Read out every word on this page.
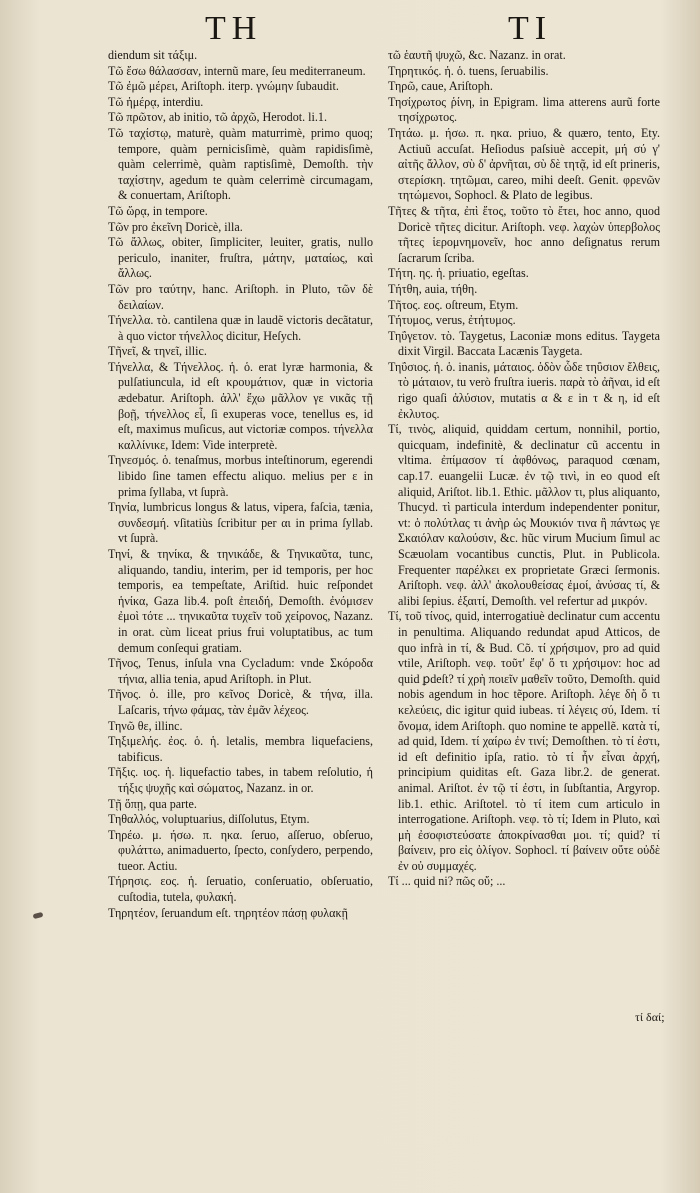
TH	TI

diendum sit τάξιμ.

Τῶ ἔσω θάλασσαν, internũ mare, ſeu mediterraneum.

Τῶ ἐμῶ μέρει, Ariſtoph. iterp. γνώμην ſubaudit.

Τῶ ἡμέρᾳ, interdiu.

Τῶ πρῶτον, ab initio, τῶ ἀρχῶ, Herodot. li.1.

Τῶ ταχίστῳ, maturè, quàm maturrimè, primo quoq; tempore, quàm pernicisſimè, quàm rapidisſimè, quàm celerrimè, quàm raptisſimè, Demoſth. τὴν ταχίστην, agedum te quàm celerrimè circumagam, & conuertam, Ariſtoph.

Τῶ ὥρᾳ, in tempore.

Τῶν pro ἐκεῖνη Doricè, illa.

Τῶ ἄλλως, obiter, ſimpliciter, leuiter, gratis, nullo periculo, inaniter, fruſtra, μάτην, ματαίως, καὶ ἄλλως.

Τῶν pro ταύτην, hanc. Ariſtoph. in Pluto, τῶν δὲ δειλαίων.

Τήνελλα. τὸ. cantilena quæ in laudẽ victoris decãtatur, à quo victor τήνελλος dicitur, Heſych.

Τῆνεῖ, & τηνεῖ, illic.

Τήνελλα, & Τήνελλος. ἡ. ὁ. erat lyræ harmonia, & pulſatiuncula, id eſt κρουμάτιον, quæ in victoria ædebatur. Ariſtoph. ἀλλ' ἔχω μᾶλλον γε νικᾶς τῇ βοῇ, τήνελλος εἶ, ſi exuperas voce, tenellus es, id eſt, maximus muſicus, aut victoriæ compos. τήνελλα καλλίνικε, Idem: Vide interpretè.

Τηνεσμός. ὁ. tenaſmus, morbus inteſtinorum, egerendi libido ſine tamen effectu aliquo. melius per ε in prima ſyllaba, vt ſuprà.

Τηνία, lumbricus longus & latus, vipera, faſcia, tænia, συνδεσμή. vſitatiùs ſcribitur per αι in prima ſyllab. vt ſuprà.

Τηνί, & τηνίκα, & τηνικάδε, & Τηνικαῦτα, tunc, aliquando, tandiu, interim, per id temporis, per hoc temporis, ea tempeſtate, Ariſtid. huic reſpondet ἡνίκα, Gaza lib.4. poſt ἐπειδή, Demoſth. ἐνόμισεν ἐμοὶ τότε ... τηνικαῦτα τυχεῖν τοῦ χείρονος, Nazanz. in orat. cùm liceat prius frui voluptatibus, ac tum demum conſequi gratiam.

Τῆνος, Tenus, inſula vna Cycladum: vnde Σκόροδα τήνια, allia tenia, apud Ariſtoph. in Plut.

Τῆνος. ὁ. ille, pro κεῖνος Doricè, & τήνα, illa. Laſcaris, τήνω φάμας, τὰν ἐμᾶν λέχεος.

Τηνῶ θε, illinc.

Τηξιμελής. ἐος. ὁ. ἡ. letalis, membra liquefaciens, tabificus.

Τῆξις. ιος. ἡ. liquefactio tabes, in tabem reſolutio, ἡ τήξις ψυχῆς καὶ σώματος, Nazanz. in or.

Τῇ ὅπῃ, qua parte.

Τηθαλλός, voluptuarius, diſſolutus, Etym.

Τηρέω. μ. ήσω. π. ηκα. ſeruo, aſſeruo, obſeruo, φυλάττω, animaduerto, ſpecto, conſydero, perpendo, tueor. Actiu.

Τήρησις. εος. ἡ. ſeruatio, conſeruatio, obſeruatio, cuſtodia, tutela, φυλακή.

Τηρητέον, ſeruandum eſt. τηρητέον πάσῃ φυλακῇ

τῶ ἑαυτῆ ψυχῶ, &c. Nazanz. in orat.

Τηρητικός. ἡ. ὁ. tuens, ſeruabilis.

Τηρῶ, caue, Ariſtoph.

Τησίχρωτος ῥίνη, in Epigram. lima atterens aurũ forte τησίχρωτος.

Τητάω. μ. ήσω. π. ηκα. priuo, & quæro, tento, Ety. Actiuũ accuſat. Heſiodus paſsiuè accepit, μή σύ γ' αἰτῆς ἄλλον, σὺ δ' ἀρνῆται, σὺ δὲ τητᾷ, id eſt prineris, στερίσκη. τητῶμαι, careo, mihi deeſt. Genit. φρενῶν τητώμενοι, Sophocl. & Plato de legibus.

Τῆτες & τῆτα, ἐπὶ ἔτος, τοῦτο τὸ ἔτει, hoc anno, quod Doricè τῆτες dicitur. Ariſtoph. νεφ. λαχὼν ὑπερβολος τῆτες ἱερομνημονεῖν, hoc anno deſignatus rerum ſacrarum ſcriba.

Τήτη. ης. ἡ. priuatio, egeſtas.

Τήτθη, auia, τήθη.

Τῆτος. εος. oſtreum, Etym.

Τήτυμος, verus, ἐτήτυμος.

Τηΰγετον. τὸ. Taygetus, Laconiæ mons editus. Taygeta dixit Virgil. Baccata Lacænis Taygeta.

Τηΰσιος. ἡ. ὁ. inanis, μάταιος. ὁδὸν ὧδε τηΰσιον ἔλθεις, τὸ μάταιον, tu verò fruſtra iueris. παρὰ τὸ ἀῆναι, id eſt rigo quaſi ἀλύσιον, mutatis α & ε in τ & η, id eſt ἐκλυτος.

Τί, τινὸς, aliquid, quiddam certum, nonnihil, portio, quicquam, indefinitè, & declinatur cũ accentu in vltima. ἐπίμασον τί ἀφθόνως, paraquod cœnam, cap.17. euangelii Lucæ. ἐν τῷ τινὶ, in eo quod eſt aliquid, Ariſtot. lib.1. Ethic. μᾶλλον τι, plus aliquanto, Thucyd. τὶ particula interdum independenter ponitur, vt: ὁ πολύτλας τι ἀνὴρ ὡς Μουκιόν τινα ἢ πάντως γε Σκαιόλαν καλούσιν, &c. hũc virum Mucium ſimul ac Scæuolam vocantibus cunctis, Plut. in Publicola. Frequenter παρέλκει ex proprietate Græci ſermonis. Ariſtoph. νεφ. ἀλλ' ἀκολουθείσας ἐμοί, ἀνύσας τί, & alibi ſepius. ἐξαιτί, Demoſth. vel refertur ad μικρόν.

Τί, τοῦ τίνος, quid, interrogatiuè declinatur cum accentu in penultima. Aliquando redundat apud Atticos, de quo infrà in τί, & Bud. Cõ. τί χρήσιμον, pro ad quid vtile, Ariſtoph. νεφ. τοῦτ' ἔφ' ὅ τι χρήσιμον: hoc ad quid ꝑdeſt? τί χρὴ ποιεῖν μαθεῖν τοῦτο, Demoſth. quid nobis agendum in hoc tẽpore. Ariſtoph. λέγε δὴ ὅ τι κελεύεις, dic igitur quid iubeas. τί λέγεις σύ, Idem. τί ὄνομα, idem Ariſtoph. quo nomine te appellẽ. κατὰ τί, ad quid, Idem. τί χαίρω ἐν τινί; Demoſthen. τὸ τί ἐστι, id eſt definitio ipſa, ratio. τὸ τί ἦν εἶναι ἀρχή, principium quiditas eſt. Gaza libr.2. de generat. animal. Ariſtot. ἐν τῷ τί ἐστι, in ſubſtantia, Argyrop. lib.1. ethic. Ariſtotel. τὸ τί item cum articulo in interrogatione. Ariſtoph. νεφ. τὸ τί; Idem in Pluto, καὶ μὴ ἐσοφιστεύσατε ἀποκρίνασθαι μοι. τί; quid? τί βαίνειν, pro εἰς ὀλίγον. Sophocl. τί βαίνειν οὔτε οὐδὲ ἐν οὐ συμμαχές.

Τί ... quid ni? πῶς οὔ; ...

τί δαί;
